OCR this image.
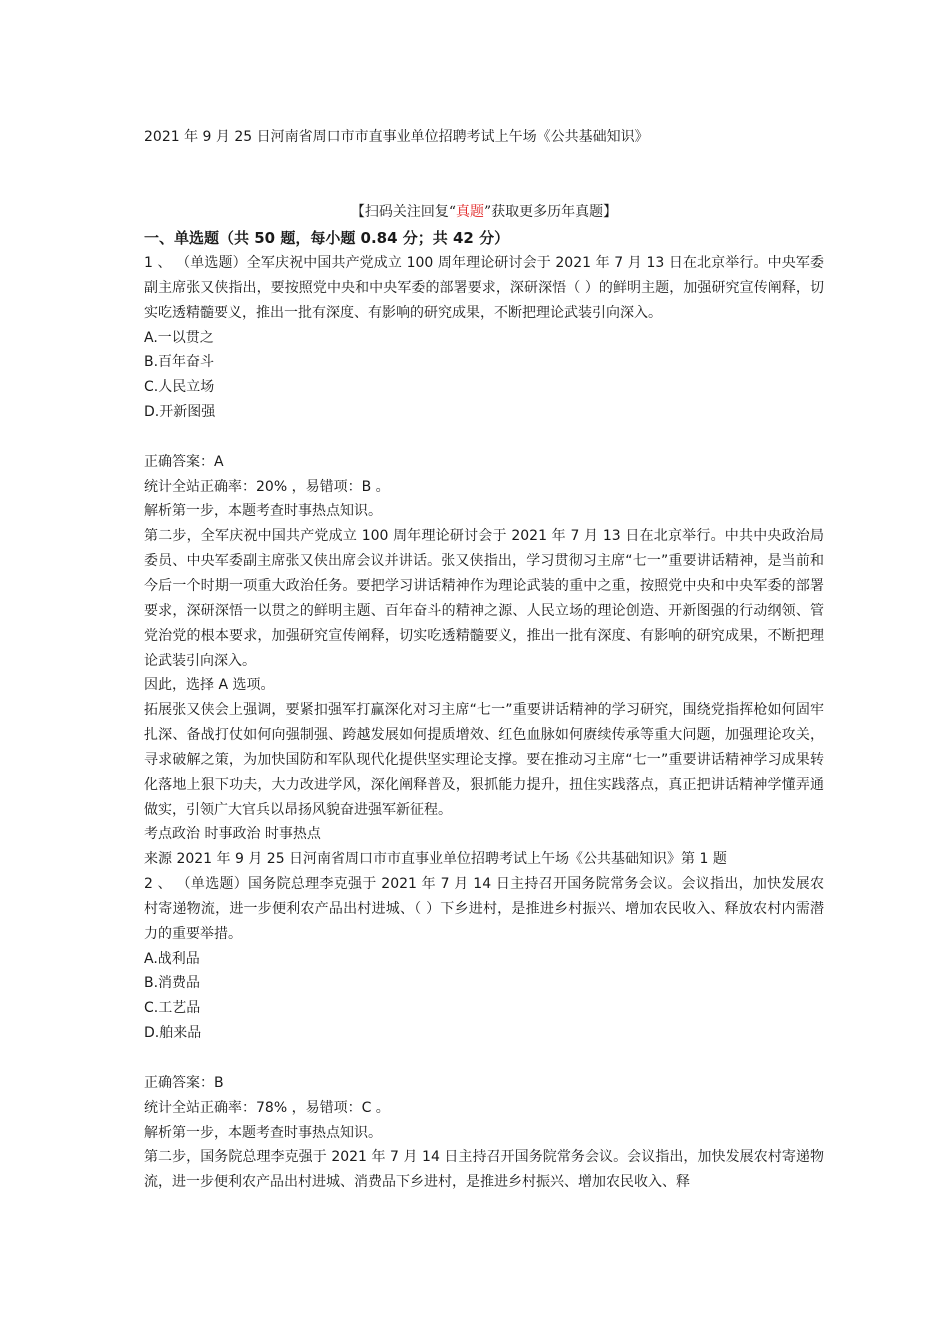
2021 年 9 月 25 日河南省周口市市直事业单位招聘考试上午场《公共基础知识》
【扫码关注回复“真题”获取更多历年真题】
一、单选题（共 50 题，每小题 0.84 分；共 42 分）

1 、 （单选题）全军庆祝中国共产党成立 100 周年理论研讨会于 2021 年 7 月 13 日在北京举行。中央军委副主席张又侠指出，要按照党中央和中央军委的部署要求，深研深悟（ ）的鲜明主题，加强研究宣传阐释，切实吃透精髓要义，推出一批有深度、有影响的研究成果，不断把理论武装引向深入。

A.一以贯之

B.百年奋斗

C.人民立场

D.开新图强

正确答案：A

统计全站正确率：20% ，易错项：B 。

解析第一步，本题考查时事热点知识。

第二步，全军庆祝中国共产党成立 100 周年理论研讨会于 2021 年 7 月 13 日在北京举行。中共中央政治局委员、中央军委副主席张又侠出席会议并讲话。张又侠指出，学习贯彻习主席“七一”重要讲话精神，是当前和今后一个时期一项重大政治任务。要把学习讲话精神作为理论武装的重中之重，按照党中央和中央军委的部署要求，深研深悟一以贯之的鲜明主题、百年奋斗的精神之源、人民立场的理论创造、开新图强的行动纲领、管党治党的根本要求，加强研究宣传阐释，切实吃透精髓要义，推出一批有深度、有影响的研究成果，不断把理论武装引向深入。

因此，选择 A 选项。

拓展张又侠会上强调，要紧扣强军打赢深化对习主席“七一”重要讲话精神的学习研究，围绕党指挥枪如何固牢扎深、备战打仗如何向强制强、跨越发展如何提质增效、红色血脉如何赓续传承等重大问题，加强理论攻关，寻求破解之策，为加快国防和军队现代化提供坚实理论支撑。要在推动习主席“七一”重要讲话精神学习成果转化落地上狠下功夫，大力改进学风，深化阐释普及，狠抓能力提升，扭住实践落点，真正把讲话精神学懂弄通做实，引领广大官兵以昂扬风貌奋进强军新征程。

考点政治 时事政治 时事热点

来源 2021 年 9 月 25 日河南省周口市市直事业单位招聘考试上午场《公共基础知识》第 1 题

2 、 （单选题）国务院总理李克强于 2021 年 7 月 14 日主持召开国务院常务会议。会议指出，加快发展农村寄递物流，进一步便利农产品出村进城、（ ）下乡进村，是推进乡村振兴、增加农民收入、释放农村内需潜力的重要举措。

A.战利品

B.消费品

C.工艺品

D.舶来品

正确答案：B

统计全站正确率：78% ，易错项：C 。

解析第一步，本题考查时事热点知识。

第二步，国务院总理李克强于 2021 年 7 月 14 日主持召开国务院常务会议。会议指出，加快发展农村寄递物流，进一步便利农产品出村进城、消费品下乡进村，是推进乡村振兴、增加农民收入、释
